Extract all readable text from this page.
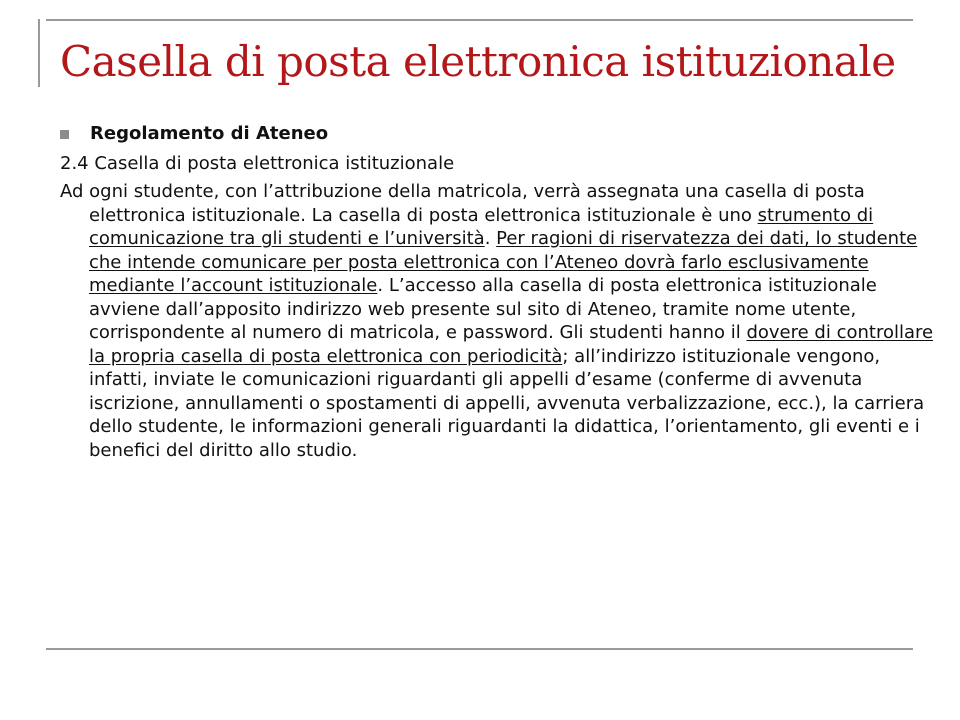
Casella di posta elettronica istituzionale
Regolamento di Ateneo
2.4 Casella di posta elettronica istituzionale

Ad ogni studente, con l’attribuzione della matricola, verrà assegnata una casella di posta elettronica istituzionale. La casella di posta elettronica istituzionale è uno strumento di comunicazione tra gli studenti e l’università. Per ragioni di riservatezza dei dati, lo studente che intende comunicare per posta elettronica con l’Ateneo dovrà farlo esclusivamente mediante l’account istituzionale. L’accesso alla casella di posta elettronica istituzionale avviene dall’apposito indirizzo web presente sul sito di Ateneo, tramite nome utente, corrispondente al numero di matricola, e password. Gli studenti hanno il dovere di controllare la propria casella di posta elettronica con periodicità; all’indirizzo istituzionale vengono, infatti, inviate le comunicazioni riguardanti gli appelli d’esame (conferme di avvenuta iscrizione, annullamenti o spostamenti di appelli, avvenuta verbalizzazione, ecc.), la carriera dello studente, le informazioni generali riguardanti la didattica, l’orientamento, gli eventi e i benefici del diritto allo studio.
